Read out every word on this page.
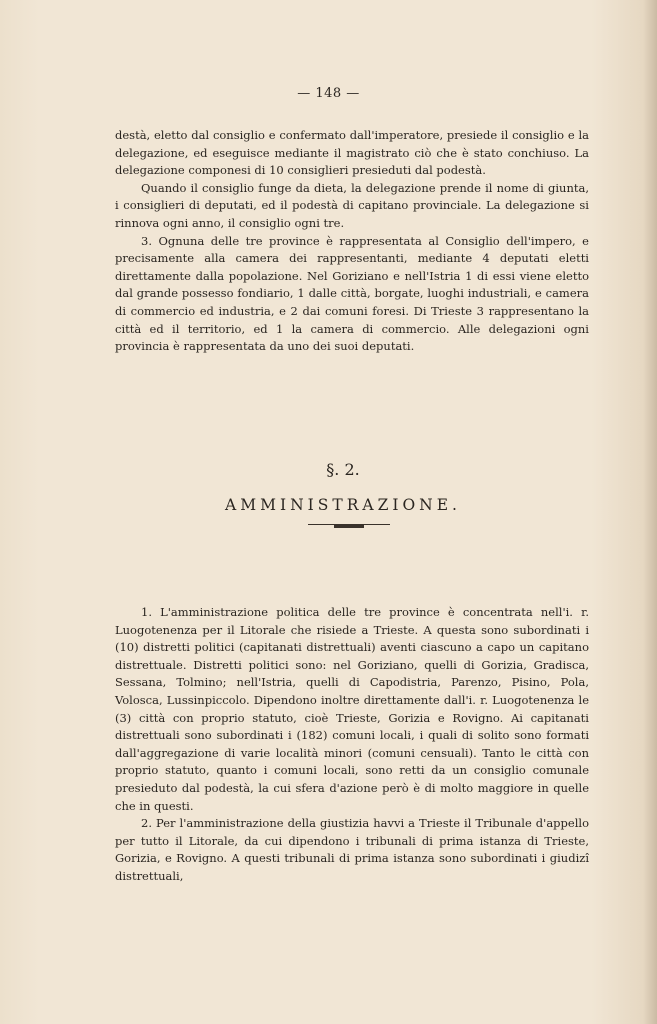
— 148 —

destà, eletto dal consiglio e confermato dall'imperatore, presiede il consiglio e la delegazione, ed eseguisce mediante il magistrato ciò che è stato conchiuso. La delegazione componesi di 10 consiglieri presieduti dal podestà.

Quando il consiglio funge da dieta, la delegazione prende il nome di giunta, i consiglieri di deputati, ed il podestà di capitano provinciale. La delegazione si rinnova ogni anno, il consiglio ogni tre.

3. Ognuna delle tre province è rappresentata al Consiglio dell'impero, e precisamente alla camera dei rappresentanti, mediante 4 deputati eletti direttamente dalla popolazione. Nel Goriziano e nell'Istria 1 di essi viene eletto dal grande possesso fondiario, 1 dalle città, borgate, luoghi industriali, e camera di commercio ed industria, e 2 dai comuni foresi. Di Trieste 3 rappresentano la città ed il territorio, ed 1 la camera di commercio. Alle delegazioni ogni provincia è rappresentata da uno dei suoi deputati.

§. 2.
AMMINISTRAZIONE.

1. L'amministrazione politica delle tre province è concentrata nell'i. r. Luogotenenza per il Litorale che risiede a Trieste. A questa sono subordinati i (10) distretti politici (capitanati distrettuali) aventi ciascuno a capo un capitano distrettuale. Distretti politici sono: nel Goriziano, quelli di Gorizia, Gradisca, Sessana, Tolmino; nell'Istria, quelli di Capodistria, Parenzo, Pisino, Pola, Volosca, Lussinpiccolo. Dipendono inoltre direttamente dall'i. r. Luogotenenza le (3) città con proprio statuto, cioè Trieste, Gorizia e Rovigno. Ai capitanati distrettuali sono subordinati i (182) comuni locali, i quali di solito sono formati dall'aggregazione di varie località minori (comuni censuali). Tanto le città con proprio statuto, quanto i comuni locali, sono retti da un consiglio comunale presieduto dal podestà, la cui sfera d'azione però è di molto maggiore in quelle che in questi.

2. Per l'amministrazione della giustizia havvi a Trieste il Tribunale d'appello per tutto il Litorale, da cui dipendono i tribunali di prima istanza di Trieste, Gorizia, e Rovigno. A questi tribunali di prima istanza sono subordinati i giudizî distrettuali,
